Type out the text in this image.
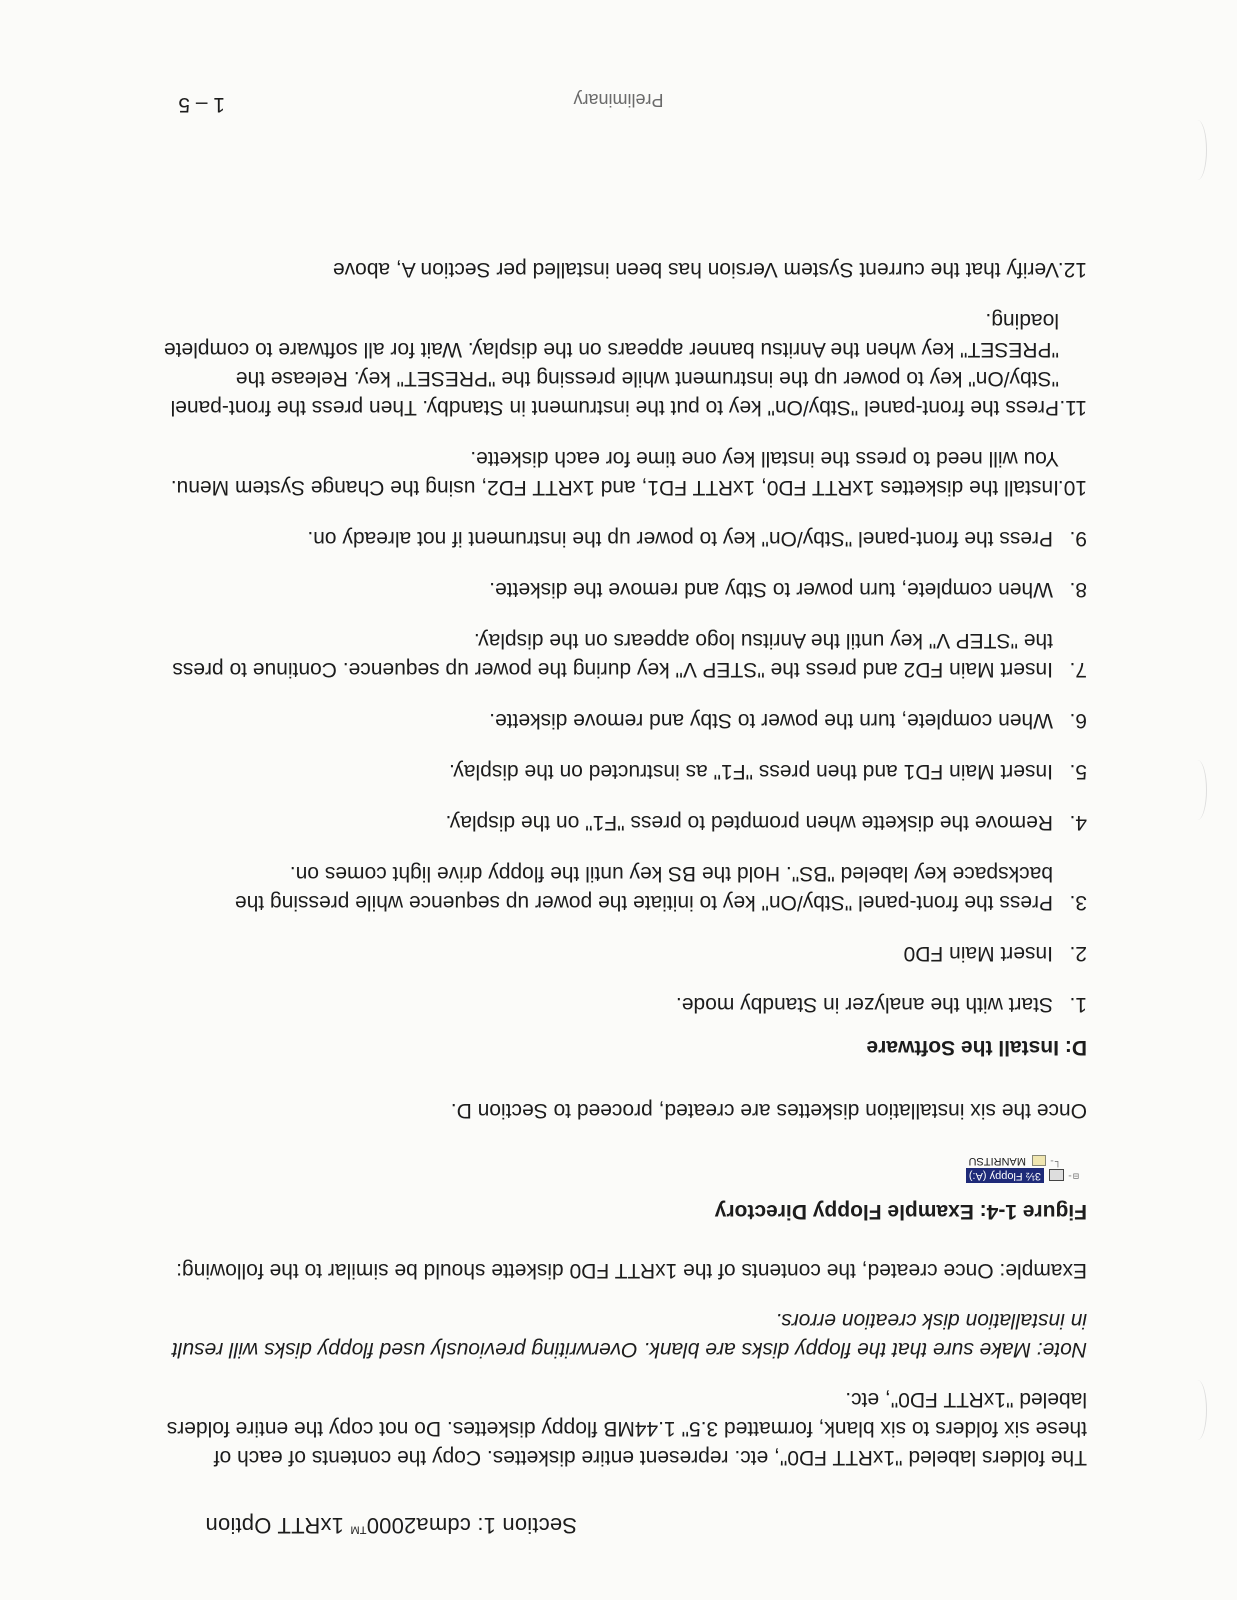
Section 1: cdma2000™ 1xRTT Option

The folders labeled "1xRTT FD0", etc. represent entire diskettes. Copy the contents of each of these six folders to six blank, formatted 3.5" 1.44MB floppy diskettes. Do not copy the entire folders labeled "1xRTT FD0", etc.

Note: Make sure that the floppy disks are blank. Overwriting previously used floppy disks will result in installation disk creation errors.

Example: Once created, the contents of the 1xRTT FD0 diskette should be similar to the following:

Figure 1-4: Example Floppy Directory
⊟-
3½ Floppy (A:)
└-
MANRITSU

Once the six installation diskettes are created, proceed to Section D.

D: Install the Software
1.
Start with the analyzer in Standby mode.
2.
Insert Main FD0
3.
Press the front-panel "Stby/On" key to initiate the power up sequence while pressing the backspace key labeled "BS". Hold the BS key until the floppy drive light comes on.
4.
Remove the diskette when prompted to press "F1" on the display.
5.
Insert Main FD1 and then press "F1" as instructed on the display.
6.
When complete, turn the power to Stby and remove diskette.
7.
Insert Main FD2 and press the "STEP V" key during the power up sequence. Continue to press the "STEP V" key until the Anritsu logo appears on the display.
8.
When complete, turn power to Stby and remove the diskette.
9.
Press the front-panel "Stby/On" key to power up the instrument if not already on.
10.
Install the diskettes 1xRTT FD0, 1xRTT FD1, and 1xRTT FD2, using the Change System Menu. You will need to press the install key one time for each diskette.
11.
Press the front-panel "Stby/On" key to put the instrument in Standby. Then press the front-panel "Stby/On" key to power up the instrument while pressing the "PRESET" key. Release the "PRESET" key when the Anritsu banner appears on the display. Wait for all software to complete loading.
12.
Verify that the current System Version has been installed per Section A, above
Preliminary
1 – 5
